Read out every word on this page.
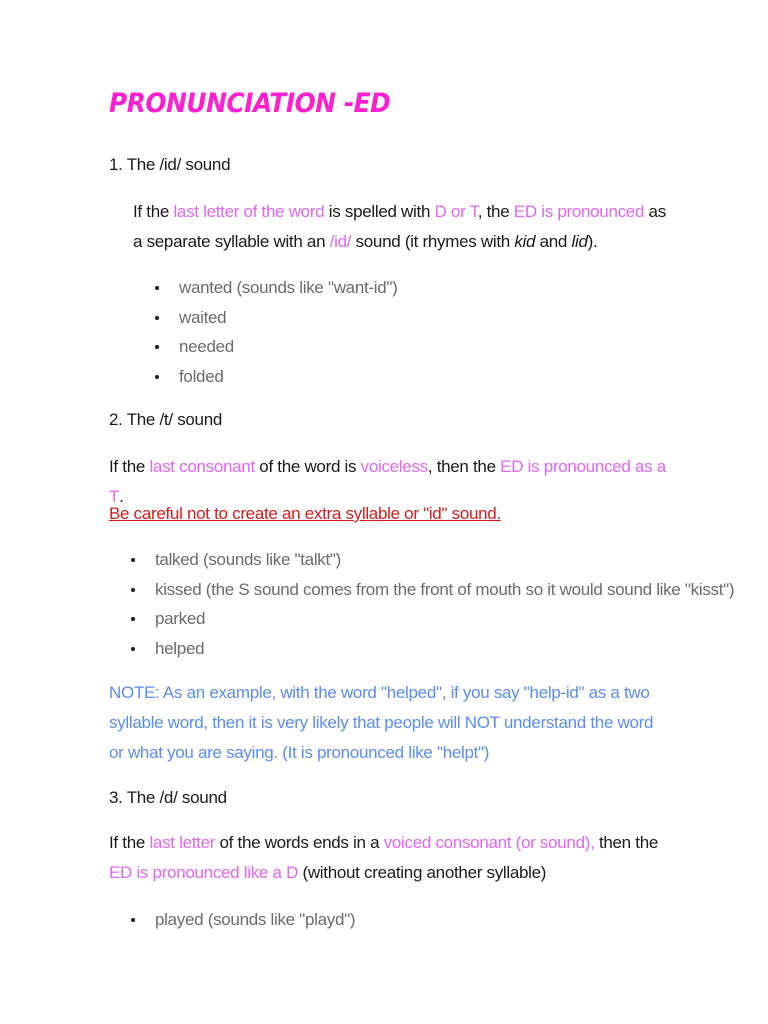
PRONUNCIATION -ED
1. The /id/ sound
If the last letter of the word is spelled with D or T, the ED is pronounced as a separate syllable with an /id/ sound (it rhymes with kid and lid).
wanted (sounds like "want-id")
waited
needed
folded
2. The /t/ sound
If the last consonant of the word is voiceless, then the ED is pronounced as a T.
Be careful not to create an extra syllable or "id" sound.
talked (sounds like "talkt")
kissed (the S sound comes from the front of mouth so it would sound like "kisst")
parked
helped
NOTE: As an example, with the word "helped", if you say "help-id" as a two syllable word, then it is very likely that people will NOT understand the word or what you are saying. (It is pronounced like "helpt")
3. The /d/ sound
If the last letter of the words ends in a voiced consonant (or sound), then the ED is pronounced like a D (without creating another syllable)
played (sounds like "playd")
